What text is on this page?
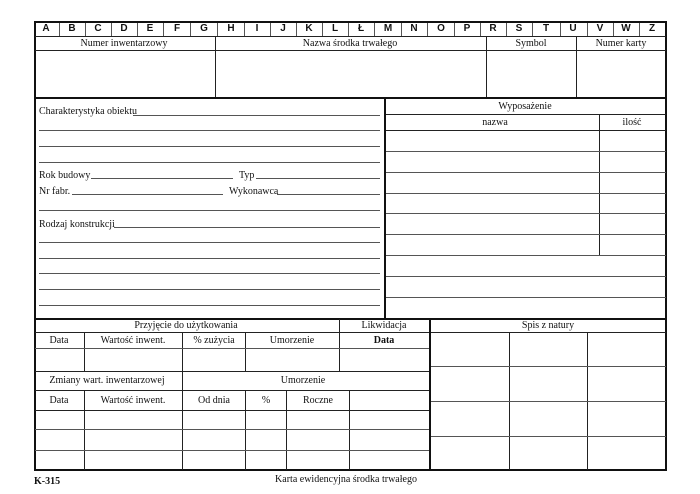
A B C D E F G H I J K L Ł M N O P R S T U V W Z
Numer inwentarzowy	Nazwa środka trwałego	Symbol	Numer karty
Charakterystyka obiektu
Rok budowy	Typ
Nr fabr.	Wykonawca
Rodzaj konstrukcji
Wyposażenie
nazwa	ilość
Przyjęcie do użytkowania	Likwidacja
Data	Wartość inwent.	% zużycia	Umorzenie	Data
Zmiany wart. inwentarzowej	Umorzenie
Data	Wartość inwent.	Od dnia	%	Roczne
Spis z natury
K-315	Karta ewidencyjna środka trwałego
